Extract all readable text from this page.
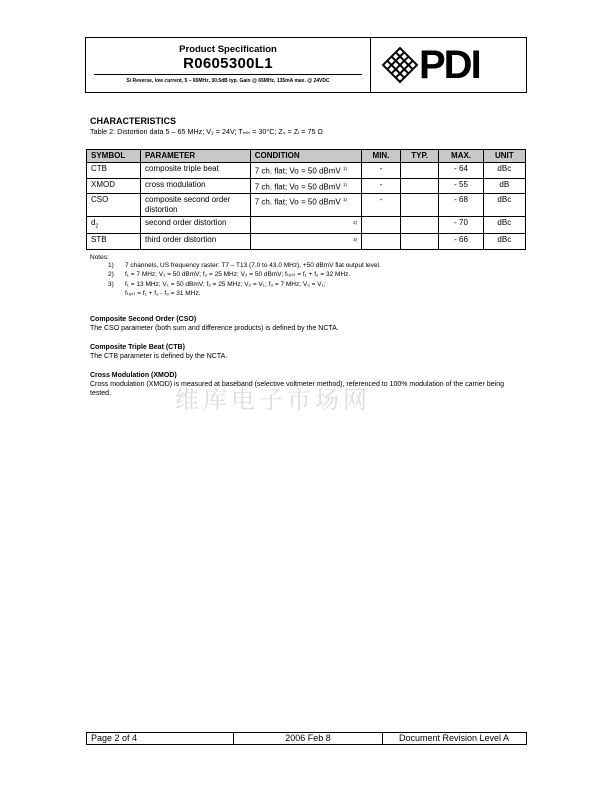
Product Specification
R0605300L1
Si Reverse, low current, 5 – 65MHz, 30.5dB typ. Gain @ 65MHz, 135mA max. @ 24VDC	PDI
CHARACTERISTICS
Table 2: Distortion data 5 – 65 MHz; V₂ = 24V; Tₘₕ = 30°C; Zₛ = Zₗ = 75 Ω
SYMBOL	PARAMETER	CONDITION	MIN.	TYP.	MAX.	UNIT
CTB	composite triple beat	7 ch. flat; Vo = 50 dBmV $^{1)}$	-		- 64	dBc
XMOD	cross modulation	7 ch. flat; Vo = 50 dBmV $^{1)}$	-		- 55	dB
CSO	composite second order distortion	7 ch. flat; Vo = 50 dBmV $^{1)}$	-		- 68	dBc
$d_2$	second order distortion	$^{2)}$			- 70	dBc
STB	third order distortion	$^{3)}$			- 66	dBc
Notes:
1) 7 channels, US frequency raster: T7 – T13 (7.0 to 43.0 MHz), +50 dBmV flat output level.
2) f₁ = 7 MHz; V₁ = 50 dBmV; f₂ = 25 MHz; V₂ = 50 dBmV; fₜₑₛₜ = f₁ + f₂ = 32 MHz.
3) f₁ = 13 MHz; V₁ = 50 dBmV; f₂ = 25 MHz; V₂ = V₁; f₃ = 7 MHz; V₃ = V₁;
fₜₑₛₜ = f₁ + f₂ - f₃ = 31 MHz.
Composite Second Order (CSO)
The CSO parameter (both sum and difference products) is defined by the NCTA.
Composite Triple Beat (CTB)
The CTB parameter is defined by the NCTA.
Cross Modulation (XMOD)
Cross modulation (XMOD) is measured at baseband (selective voltmeter method), referenced to 100% modulation of the carrier being tested.	维库电子市场网
Page 2 of 4	2006 Feb 8	Document Revision Level A
